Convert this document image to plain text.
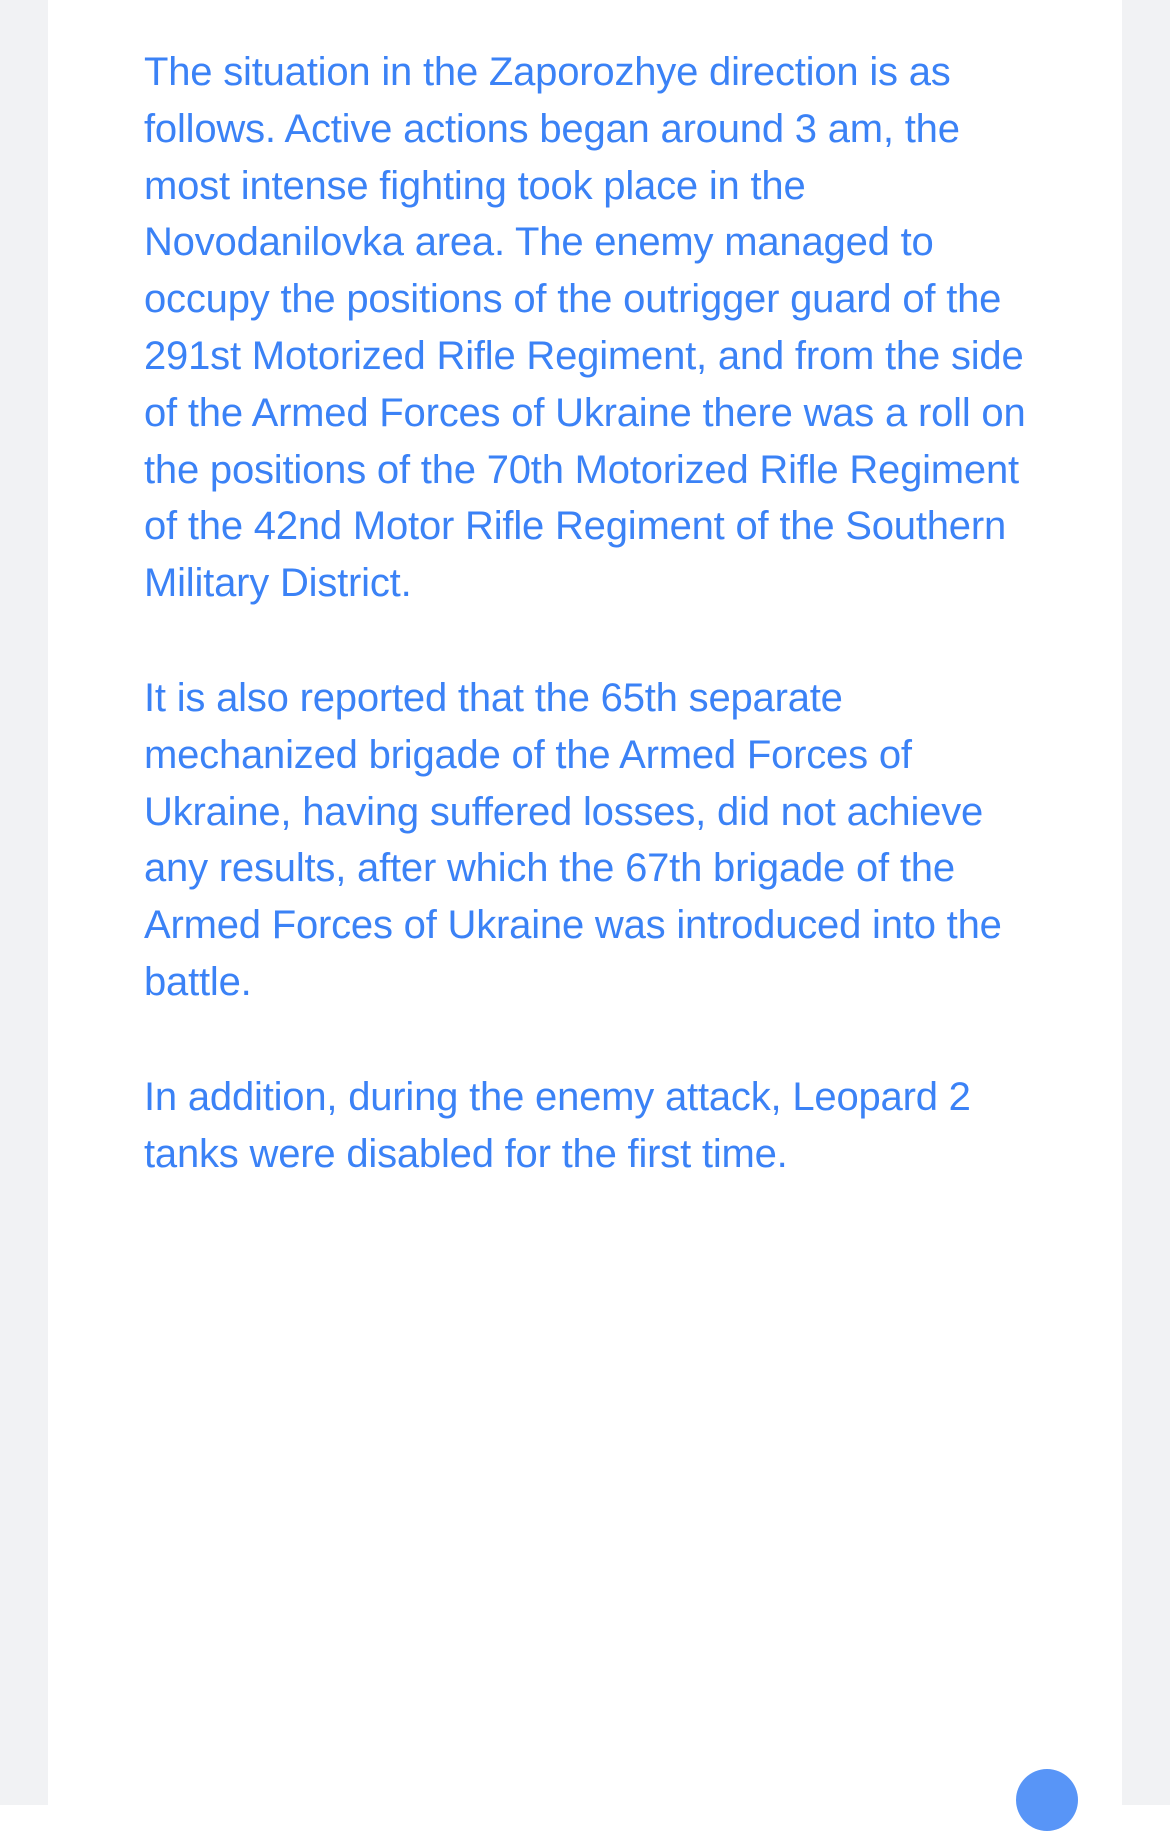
The situation in the Zaporozhye direction is as follows. Active actions began around 3 am, the most intense fighting took place in the Novodanilovka area. The enemy managed to occupy the positions of the outrigger guard of the 291st Motorized Rifle Regiment, and from the side of the Armed Forces of Ukraine there was a roll on the positions of the 70th Motorized Rifle Regiment of the 42nd Motor Rifle Regiment of the Southern Military District.

It is also reported that the 65th separate mechanized brigade of the Armed Forces of Ukraine, having suffered losses, did not achieve any results, after which the 67th brigade of the Armed Forces of Ukraine was introduced into the battle.

In addition, during the enemy attack, Leopard 2 tanks were disabled for the first time.
